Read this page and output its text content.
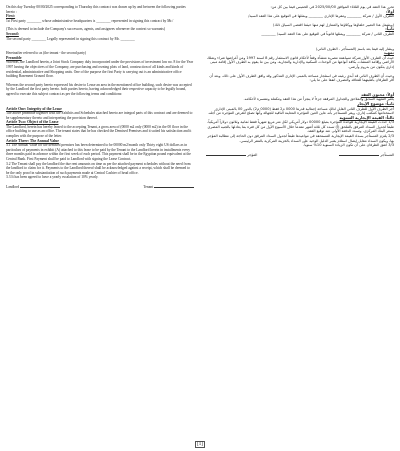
On this day Tuesday 00/00/2025 corresponding to Thursday this contract was drawn up by and between the following parties hereto :

First:

1st First party ________ whose administrative headquarters is ________ represented in signing this contract by Mr./

(This is deemed to include the Company's successors, agents, and assignees whenever the context so warrants)

Second:

The second party ________ Legally represented in signing this contract by Mr. ________

Hereinafter referred to as (the tenant - the second party)

Preamble

Whereas, the Landlord herein, a Joint Stock Company duly incorporated under the provisions of investment law no. 8 for the Year 1997 having the objectives of the Company, are purchasing and owning plots of land, construction of all kinds and kinds of residential, administrative and Shopping units. One of the purpose the first Party is carrying out is an administrative office building Basement Ground floor.

Whereas the second party hereto expressed his desire to Lease an area in the mentioned office building, such desire was accepted by the Landlord the first party hereto. both parties hereto, having acknowledged their respective capacity to be legally bound, agreed to execute this subject contract as per the following terms and conditions:

Article One: Integrity of the Lease

The above preamble together with the Exhibits and Schedules attached hereto are integral parts of this contract and are deemed to be supplementary thereto and interpreting the provision thereof.

Article Two: Object of the Lease

The Landlord, herein has hereby leased to the accepting Tenant, a gross area of (0000 m2 only (0000 m2) in the 00 floor in the office building to use as an office. The tenant states that he has checked the Demised Premises and it suited his satisfaction and it complies with the purpose of the letter.

Article Three: The Annual Value

3.1 The Annual Value for the demised premises has been determined to be 00000 m2/month only Thirty eight US dollars as in particulars of payments in exhibit (A) attached to this lease to be paid by the Tenant to the Landlord herein in installments every three months paid in advance within the first week of each period. This payment shall be in the Egyptian pound equivalent at the Central Bank. First Payment shall be paid to Landlord with signing the Lease Contract.

3.2 The Tenant shall pay the landlord the due rent amounts on time as per the attached payment schedules without the need from the landlord to claim for it. Payments to the Landlord thereof shall be acknowledged against a receipt, which shall be deemed to be the only proof in substantiation of such payments made at Central Cashier of head office.

3.3 It has been agreed to have a yearly escalation of 10% yearly.

Landlord	Tenant

تحرر هذا العقد في يوم الثلاثاء الموافق 2025/00/00 في الخميس فيما بين كل من:

أولاً:

الطرف الأول / شركة ________ ومقرها الإداري ________ ويمثلها في التوقيع على هذا العقد السيد/

(ويشمل هذا التعبير خلفاؤها ووكلاؤها والمتنازل لهم منها حيثما اقتضى السياق ذلك)

ثانياً:

الطرف الثاني / شركة ________ ويمثلها قانوناً في التوقيع على هذا العقد السيد/ ________

ويشار إليه فيما بعد باسم (المستأجر - الطرف الثاني)

تمهيد

حيث أن الطرف الأول شركة مساهمة مصرية منشأة وفقاً لأحكام قانون الاستثمار رقم 8 لسنة 1997 ومن أغراضها شراء وتملك الأراضي وإقامة المنشآت بكافة أنواعها من الوحدات السكنية والإدارية والتجارية، ومن بين ما يقوم به الطرف الأول إقامة مبنى إداري يتكون من بدروم وأرضي.

وحيث أن الطرف الثاني قد أبدى رغبته في استئجار مساحة بالمبنى الإداري المذكور وقد وافق الطرف الأول على ذلك، وبعد أن أقر الطرفان بأهليتهما للتعاقد والتصرف اتفقا على ما يلي:

أولاً: محتوى العقد

يعتبر التمهيد السابق والملاحق والجداول المرفقة جزءاً لا يتجزأ من هذا العقد ومكملة ومفسرة لأحكامه.

ثانياً: موضوع الإيجار

أجر الطرف الأول للطرف الثاني القابل لذلك مساحة إجمالية قدرها 0000 م2 فقط (0000 م2) بالدور 00 بالمبنى الإداري لاستخدامها كمكتب إداري، ويقر المستأجر بأنه عاين العين المؤجرة المعاينة النافية للجهالة وأنها تصلح للغرض المؤجرة من أجله.

ثالثاً: القيمة الإيجارية السنوية

1/3 حددت القيمة الإيجارية للوحدة المؤجرة بمبلغ 00000 دولار أمريكي لكل متر مربع شهرياً فقط ثمانية وثلاثون دولاراً أمريكياً، طبقاً لجدول السداد المرفق بالملحق (أ) تسدد كل ثلاثة أشهر مقدماً خلال الأسبوع الأول من كل فترة بما يعادلها بالجنيه المصري بسعر البنك المركزي، وتسدد الدفعة الأولى عند توقيع العقد.

2/3 يلتزم المستأجر بسداد القيمة الإيجارية المستحقة في مواعيدها طبقاً لجدول السداد المرفق دون الحاجة إلى مطالبة المؤجر بها، ويكون السداد مقابل إيصال استلام يعتبر الدليل الوحيد على السداد بالخزينة المركزية بالمقر الرئيسي.

3/3 اتفق الطرفان على أن تكون الزيادة السنوية 10% سنوياً.

المستأجر
المؤجر
[1]
